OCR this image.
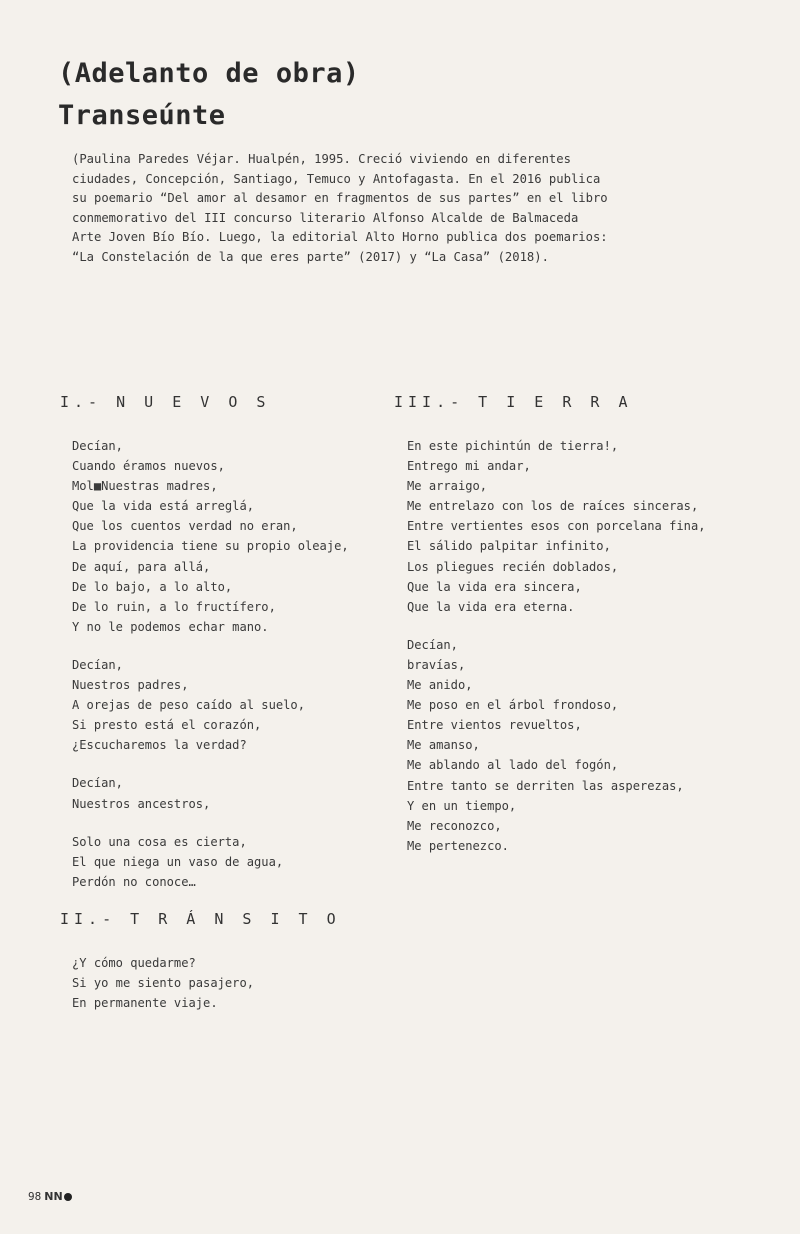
(Adelanto de obra)
Transeúnte

(Paulina Paredes Véjar. Hualpén, 1995. Creció viviendo en diferentes ciudades, Concepción, Santiago, Temuco y Antofagasta. En el 2016 publica su poemario “Del amor al desamor en fragmentos de sus partes” en el libro conmemorativo del III concurso literario Alfonso Alcalde de Balmaceda Arte Joven Bío Bío. Luego, la editorial Alto Horno publica dos poemarios: “La Constelación de la que eres parte” (2017) y “La Casa” (2018).

I.- N U E V O S
Decían,
Cuando éramos nuevos,
Mol■Nuestras madres,
Que la vida está arreglá,
Que los cuentos verdad no eran,
La providencia tiene su propio oleaje,
De aquí, para allá,
De lo bajo, a lo alto,
De lo ruin, a lo fructífero,
Y no le podemos echar mano.
Decían,
Nuestros padres,
A orejas de peso caído al suelo,
Si presto está el corazón,
¿Escucharemos la verdad?
Decían,
Nuestros ancestros,
Solo una cosa es cierta,
El que niega un vaso de agua,
Perdón no conoce…
II.- T R Á N S I T O
¿Y cómo quedarme?
Si yo me siento pasajero,
En permanente viaje.
III.- T I E R R A
En este pichintún de tierra!,
Entrego mi andar,
Me arraigo,
Me entrelazo con los de raíces sinceras,
Entre vertientes esos con porcelana fina,
El sálido palpitar infinito,
Los pliegues recién doblados,
Que la vida era sincera,
Que la vida era eterna.
Decían,
bravías,
Me anido,
Me poso en el árbol frondoso,
Entre vientos revueltos,
Me amanso,
Me ablando al lado del fogón,
Entre tanto se derriten las asperezas,
Y en un tiempo,
Me reconozco,
Me pertenezco.
98 NN
